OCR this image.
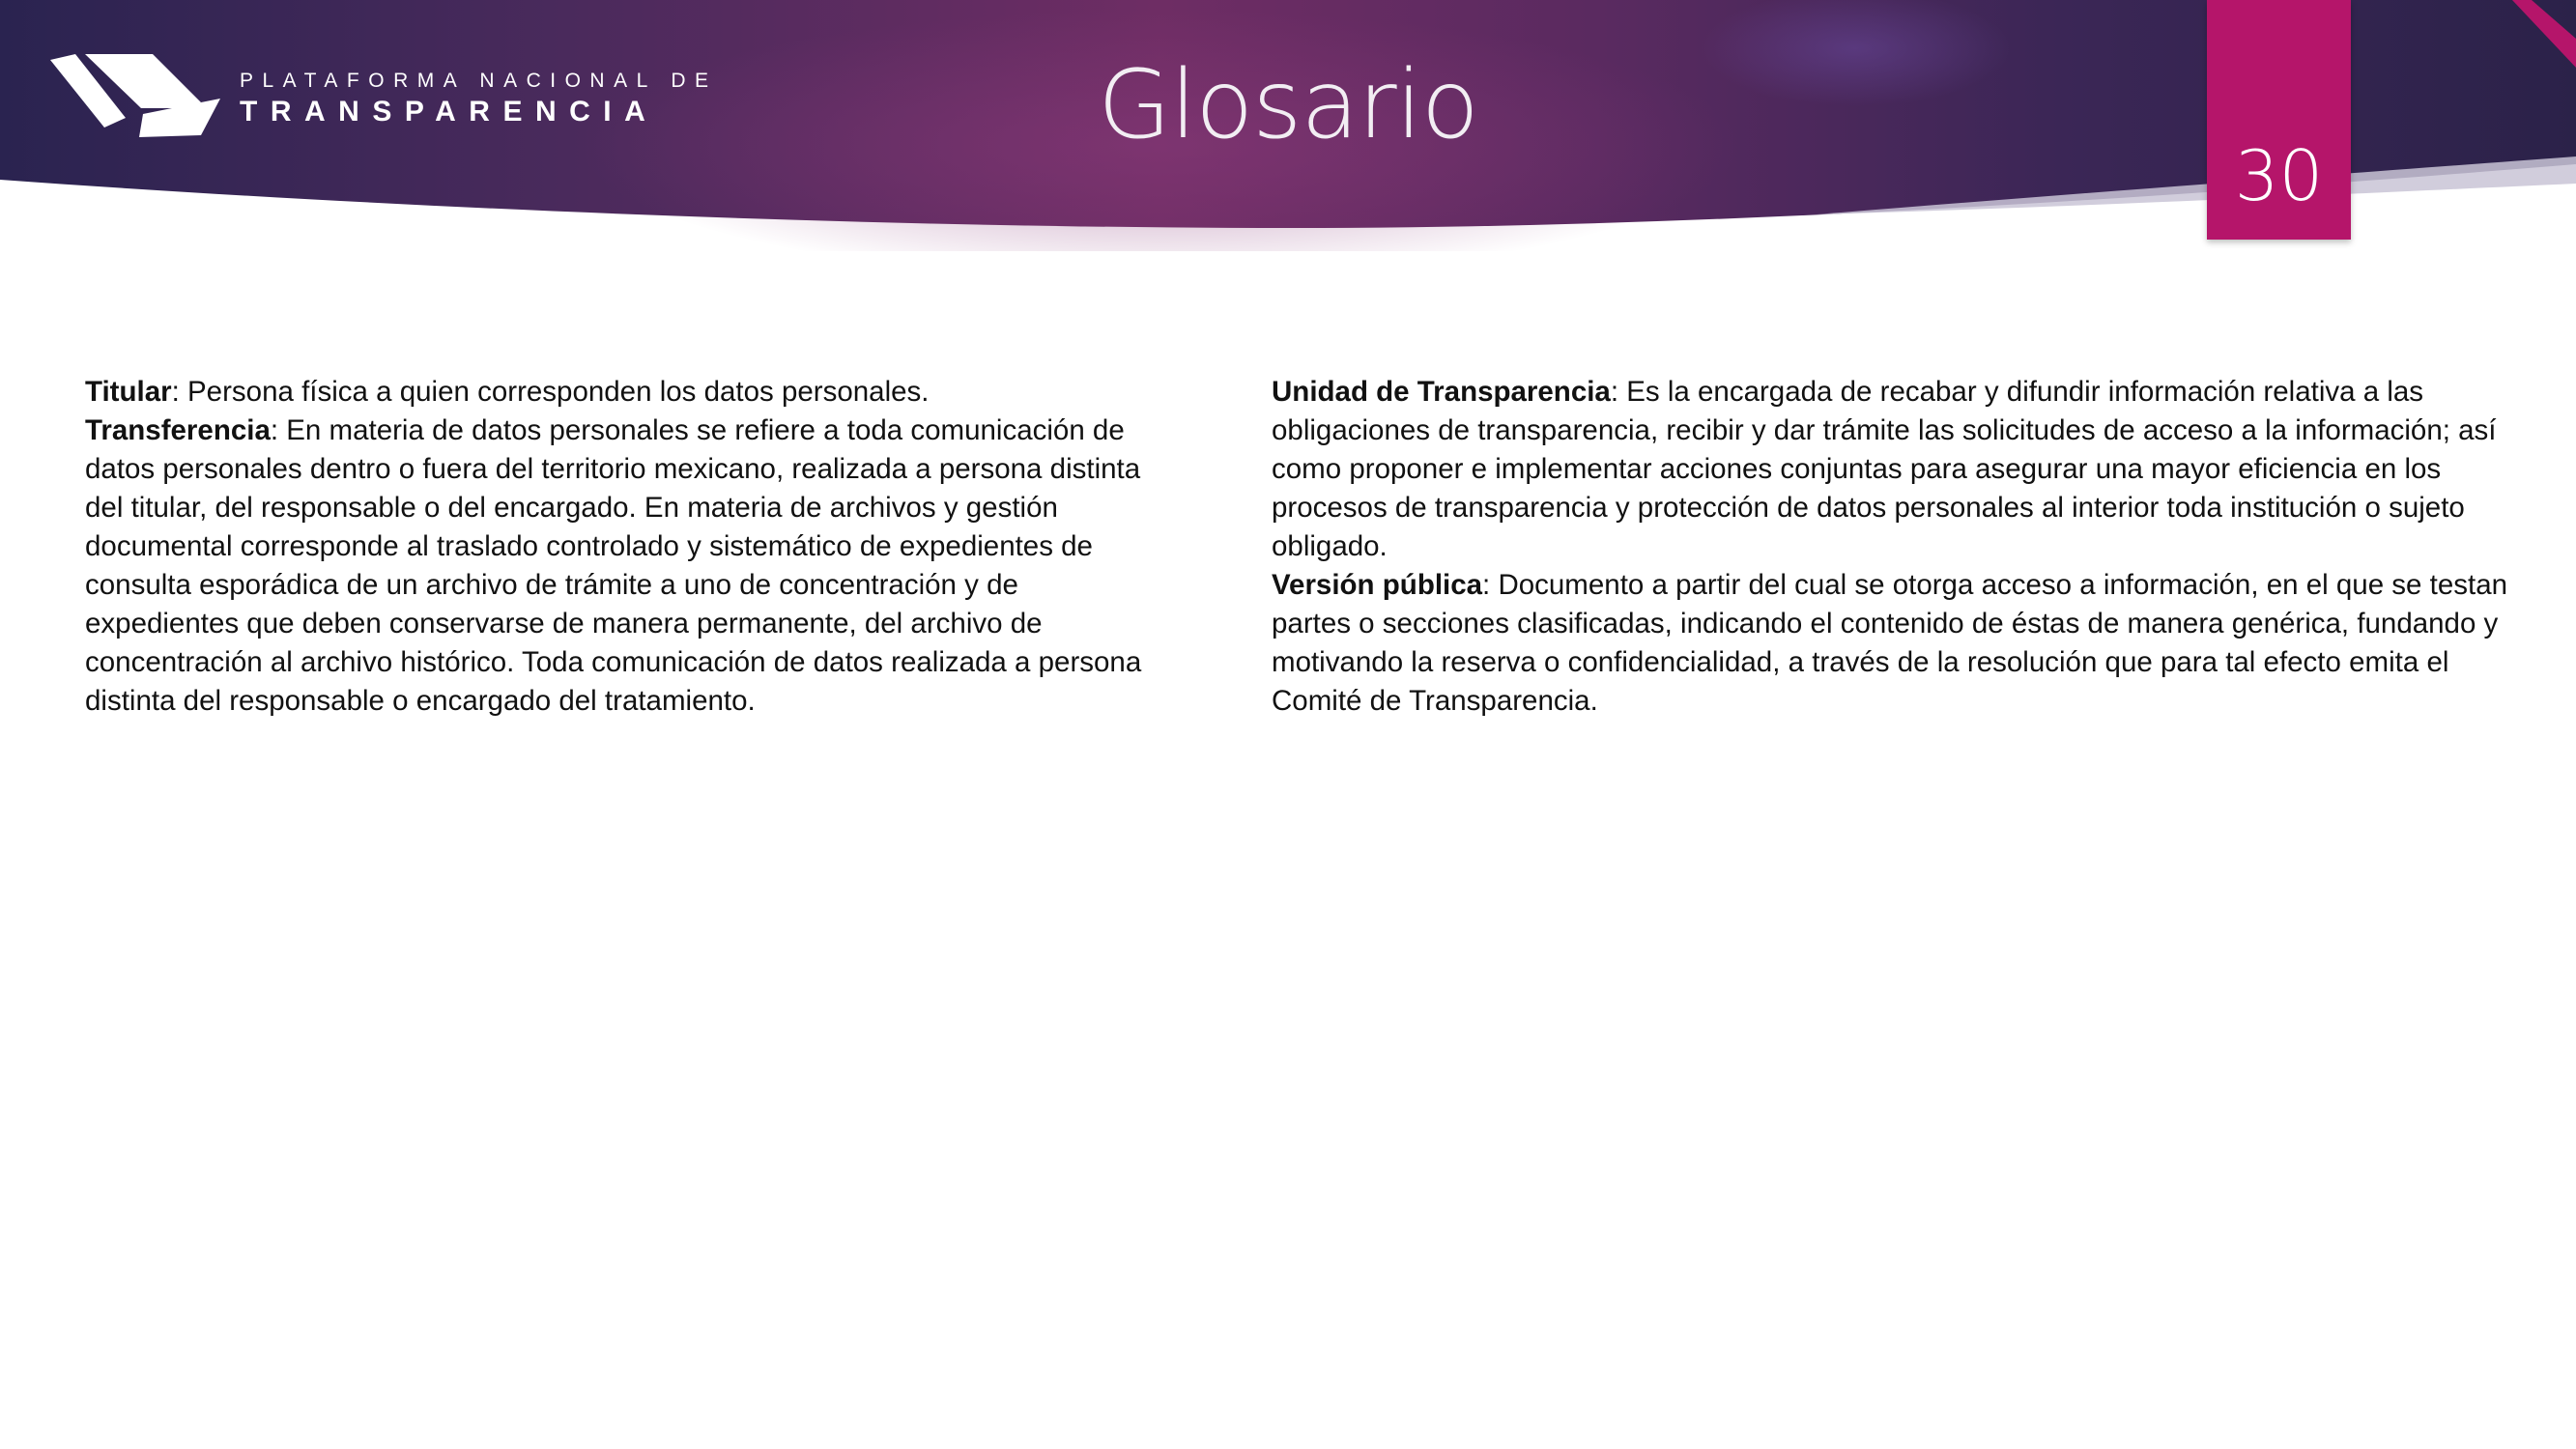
PLATAFORMA NACIONAL DE
TRANSPARENCIA	Glosario
30

Titular: Persona física a quien corresponden los datos personales.

Transferencia: En materia de datos personales se refiere a toda comunicación de datos personales dentro o fuera del territorio mexicano, realizada a persona distinta del titular, del responsable o del encargado. En materia de archivos y gestión documental corresponde al traslado controlado y sistemático de expedientes de consulta esporádica de un archivo de trámite a uno de concentración y de expedientes que deben conservarse de manera permanente, del archivo de concentración al archivo histórico. Toda comunicación de datos realizada a persona distinta del responsable o encargado del tratamiento.

Unidad de Transparencia: Es la encargada de recabar y difundir información relativa a las obligaciones de transparencia, recibir y dar trámite las solicitudes de acceso a la información; así como proponer e implementar acciones conjuntas para asegurar una mayor eficiencia en los procesos de transparencia y protección de datos personales al interior toda institución o sujeto obligado.

Versión pública: Documento a partir del cual se otorga acceso a información, en el que se testan partes o secciones clasificadas, indicando el contenido de éstas de manera genérica, fundando y motivando la reserva o confidencialidad, a través de la resolución que para tal efecto emita el Comité de Transparencia.
